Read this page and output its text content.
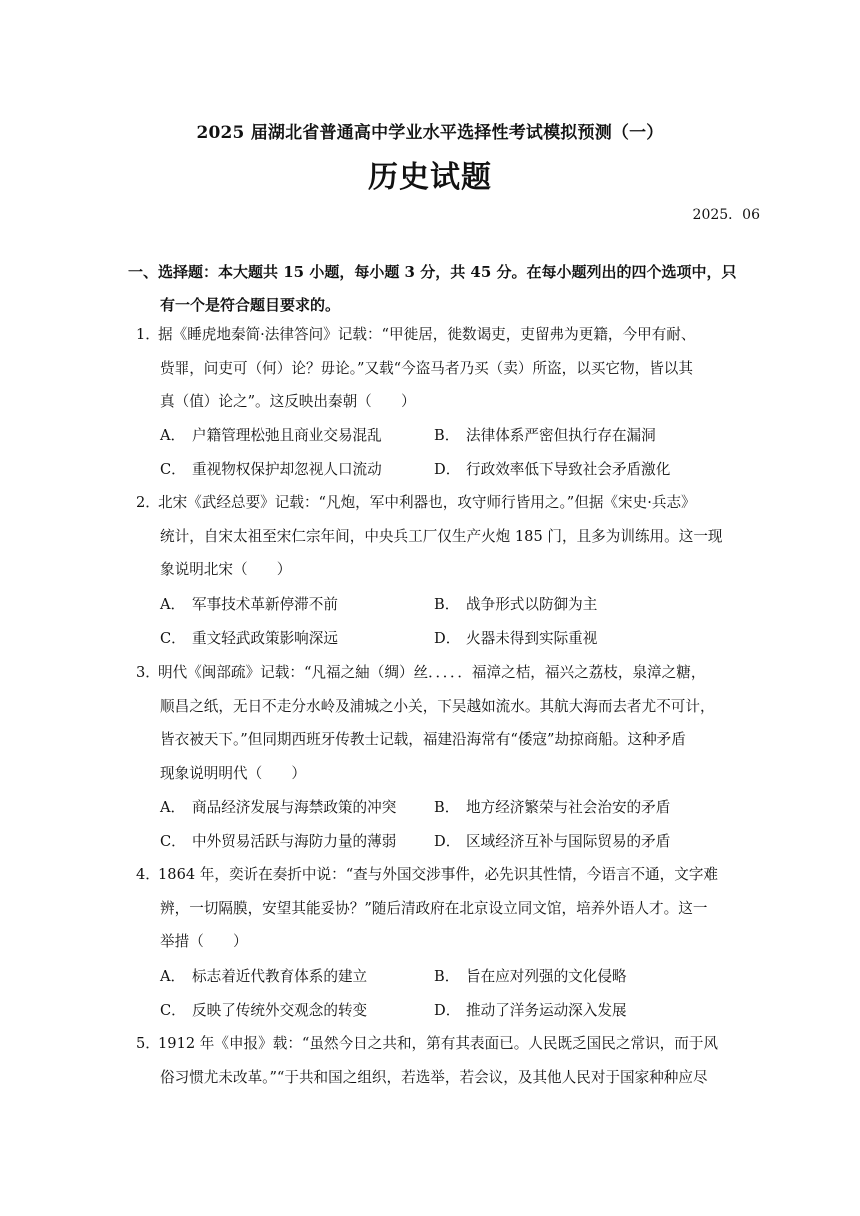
2025 届湖北省普通高中学业水平选择性考试模拟预测（一）
历史试题
2025．06
一、选择题：本大题共 15 小题，每小题 3 分，共 45 分。在每小题列出的四个选项中，只
有一个是符合题目要求的。
1．据《睡虎地秦简·法律答问》记载：“甲徙居，徙数谒吏，吏留弗为更籍，今甲有耐、
赀罪，问吏可（何）论？毋论。”又载“今盗马者乃买（卖）所盗，以买它物，皆以其
真（值）论之”。这反映出秦朝（　　）
A． 户籍管理松弛且商业交易混乱	B． 法律体系严密但执行存在漏洞
C． 重视物权保护却忽视人口流动	D． 行政效率低下导致社会矛盾激化
2．北宋《武经总要》记载：“凡炮，军中利器也，攻守师行皆用之。”但据《宋史·兵志》
统计，自宋太祖至宋仁宗年间，中央兵工厂仅生产火炮 185 门，且多为训练用。这一现
象说明北宋（　　）
A． 军事技术革新停滞不前	B． 战争形式以防御为主
C． 重文轻武政策影响深远	D． 火器未得到实际重视
3．明代《闽部疏》记载：“凡福之紬（绸）丝．．．．．福漳之桔，福兴之荔枝，泉漳之糖，
顺昌之纸，无日不走分水岭及浦城之小关，下吴越如流水。其航大海而去者尤不可计，
皆衣被天下。”但同期西班牙传教士记载，福建沿海常有“倭寇”劫掠商船。这种矛盾
现象说明明代（　　）
A． 商品经济发展与海禁政策的冲突	B． 地方经济繁荣与社会治安的矛盾
C． 中外贸易活跃与海防力量的薄弱	D． 区域经济互补与国际贸易的矛盾
4．1864 年，奕䜣在奏折中说：“查与外国交涉事件，必先识其性情，今语言不通，文字难
辨，一切隔膜，安望其能妥协？”随后清政府在北京设立同文馆，培养外语人才。这一
举措（　　）
A． 标志着近代教育体系的建立	B． 旨在应对列强的文化侵略
C． 反映了传统外交观念的转变	D． 推动了洋务运动深入发展
5．1912 年《申报》载：“虽然今日之共和，第有其表面已。人民既乏国民之常识，而于风
俗习惯尤未改革。”“于共和国之组织，若选举，若会议，及其他人民对于国家种种应尽
